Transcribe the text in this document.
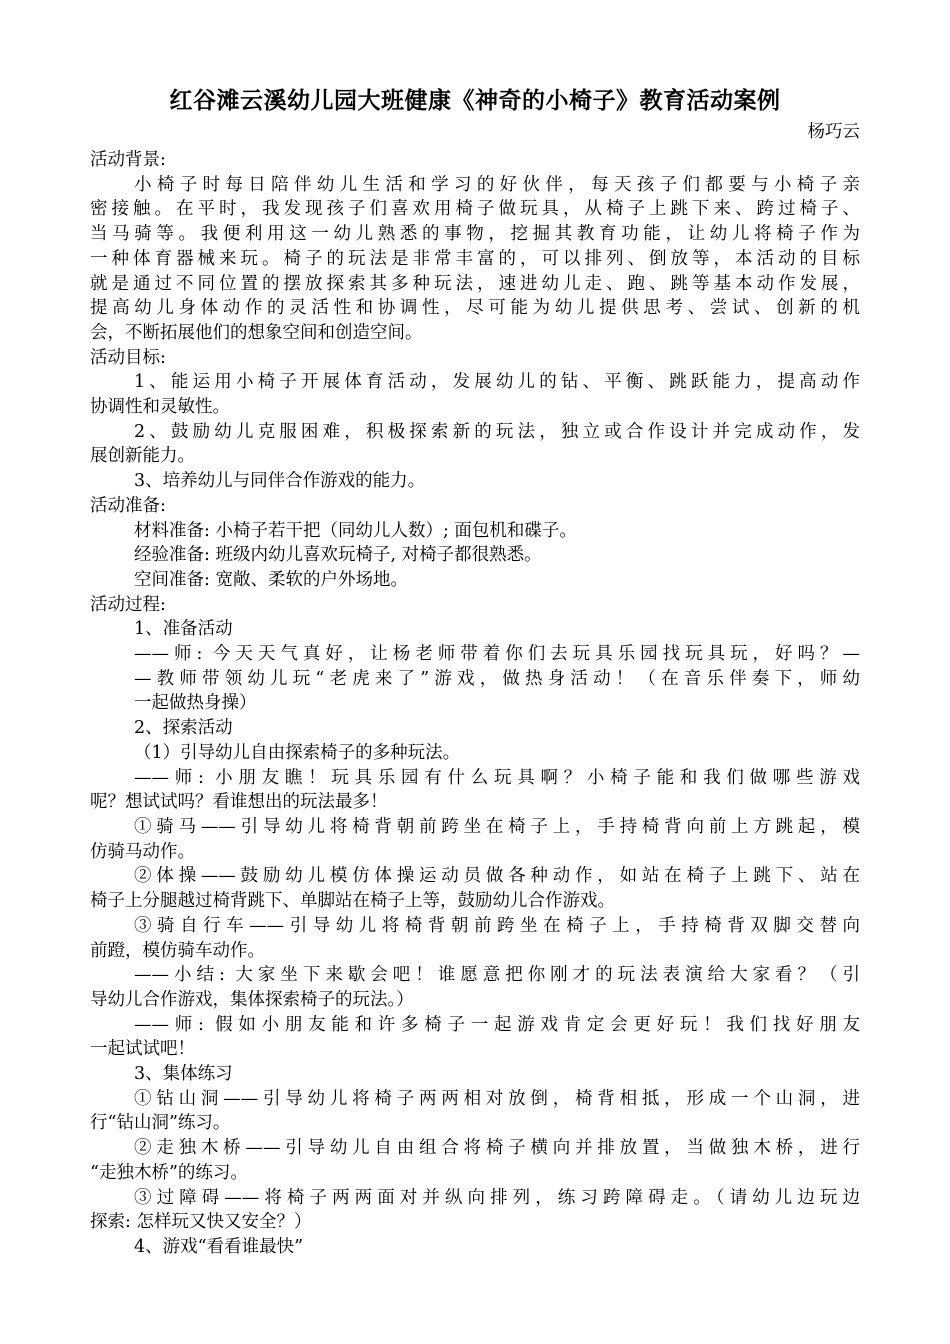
红谷滩云溪幼儿园大班健康《神奇的小椅子》教育活动案例
杨巧云

活动背景:

小椅子时每日陪伴幼儿生活和学习的好伙伴，每天孩子们都要与小椅子亲

密接触。在平时，我发现孩子们喜欢用椅子做玩具，从椅子上跳下来、跨过椅子、

当马骑等。我便利用这一幼儿熟悉的事物，挖掘其教育功能，让幼儿将椅子作为

一种体育器械来玩。椅子的玩法是非常丰富的，可以排列、倒放等，本活动的目标

就是通过不同位置的摆放探索其多种玩法，速进幼儿走、跑、跳等基本动作发展，

提高幼儿身体动作的灵活性和协调性，尽可能为幼儿提供思考、尝试、创新的机

会，不断拓展他们的想象空间和创造空间。

活动目标:

1、能运用小椅子开展体育活动，发展幼儿的钻、平衡、跳跃能力，提高动作

协调性和灵敏性。

2、鼓励幼儿克服困难，积极探索新的玩法，独立或合作设计并完成动作，发

展创新能力。

3、培养幼儿与同伴合作游戏的能力。

活动准备:

材料准备: 小椅子若干把（同幼儿人数）; 面包机和碟子。

经验准备: 班级内幼儿喜欢玩椅子, 对椅子都很熟悉。

空间准备: 宽敞、柔软的户外场地。

活动过程:

1、准备活动

——师: 今天天气真好，让杨老师带着你们去玩具乐园找玩具玩，好吗？—

—教师带领幼儿玩“老虎来了”游戏，做热身活动！（在音乐伴奏下，师幼

一起做热身操）

2、探索活动

（1）引导幼儿自由探索椅子的多种玩法。

——师: 小朋友瞧！玩具乐园有什么玩具啊？小椅子能和我们做哪些游戏

呢？想试试吗？看谁想出的玩法最多！

①骑马——引导幼儿将椅背朝前跨坐在椅子上，手持椅背向前上方跳起，模

仿骑马动作。

②体操——鼓励幼儿模仿体操运动员做各种动作，如站在椅子上跳下、站在

椅子上分腿越过椅背跳下、单脚站在椅子上等，鼓励幼儿合作游戏。

③骑自行车——引导幼儿将椅背朝前跨坐在椅子上，手持椅背双脚交替向

前蹬，模仿骑车动作。

——小结: 大家坐下来歇会吧！谁愿意把你刚才的玩法表演给大家看？（引

导幼儿合作游戏，集体探索椅子的玩法。）

——师: 假如小朋友能和许多椅子一起游戏肯定会更好玩！我们找好朋友

一起试试吧！

3、集体练习

①钻山洞——引导幼儿将椅子两两相对放倒，椅背相抵，形成一个山洞，进

行“钻山洞”练习。

②走独木桥——引导幼儿自由组合将椅子横向并排放置，当做独木桥，进行

“走独木桥”的练习。

③过障碍——将椅子两两面对并纵向排列，练习跨障碍走。（请幼儿边玩边

探索: 怎样玩又快又安全？）

4、游戏“看看谁最快”
